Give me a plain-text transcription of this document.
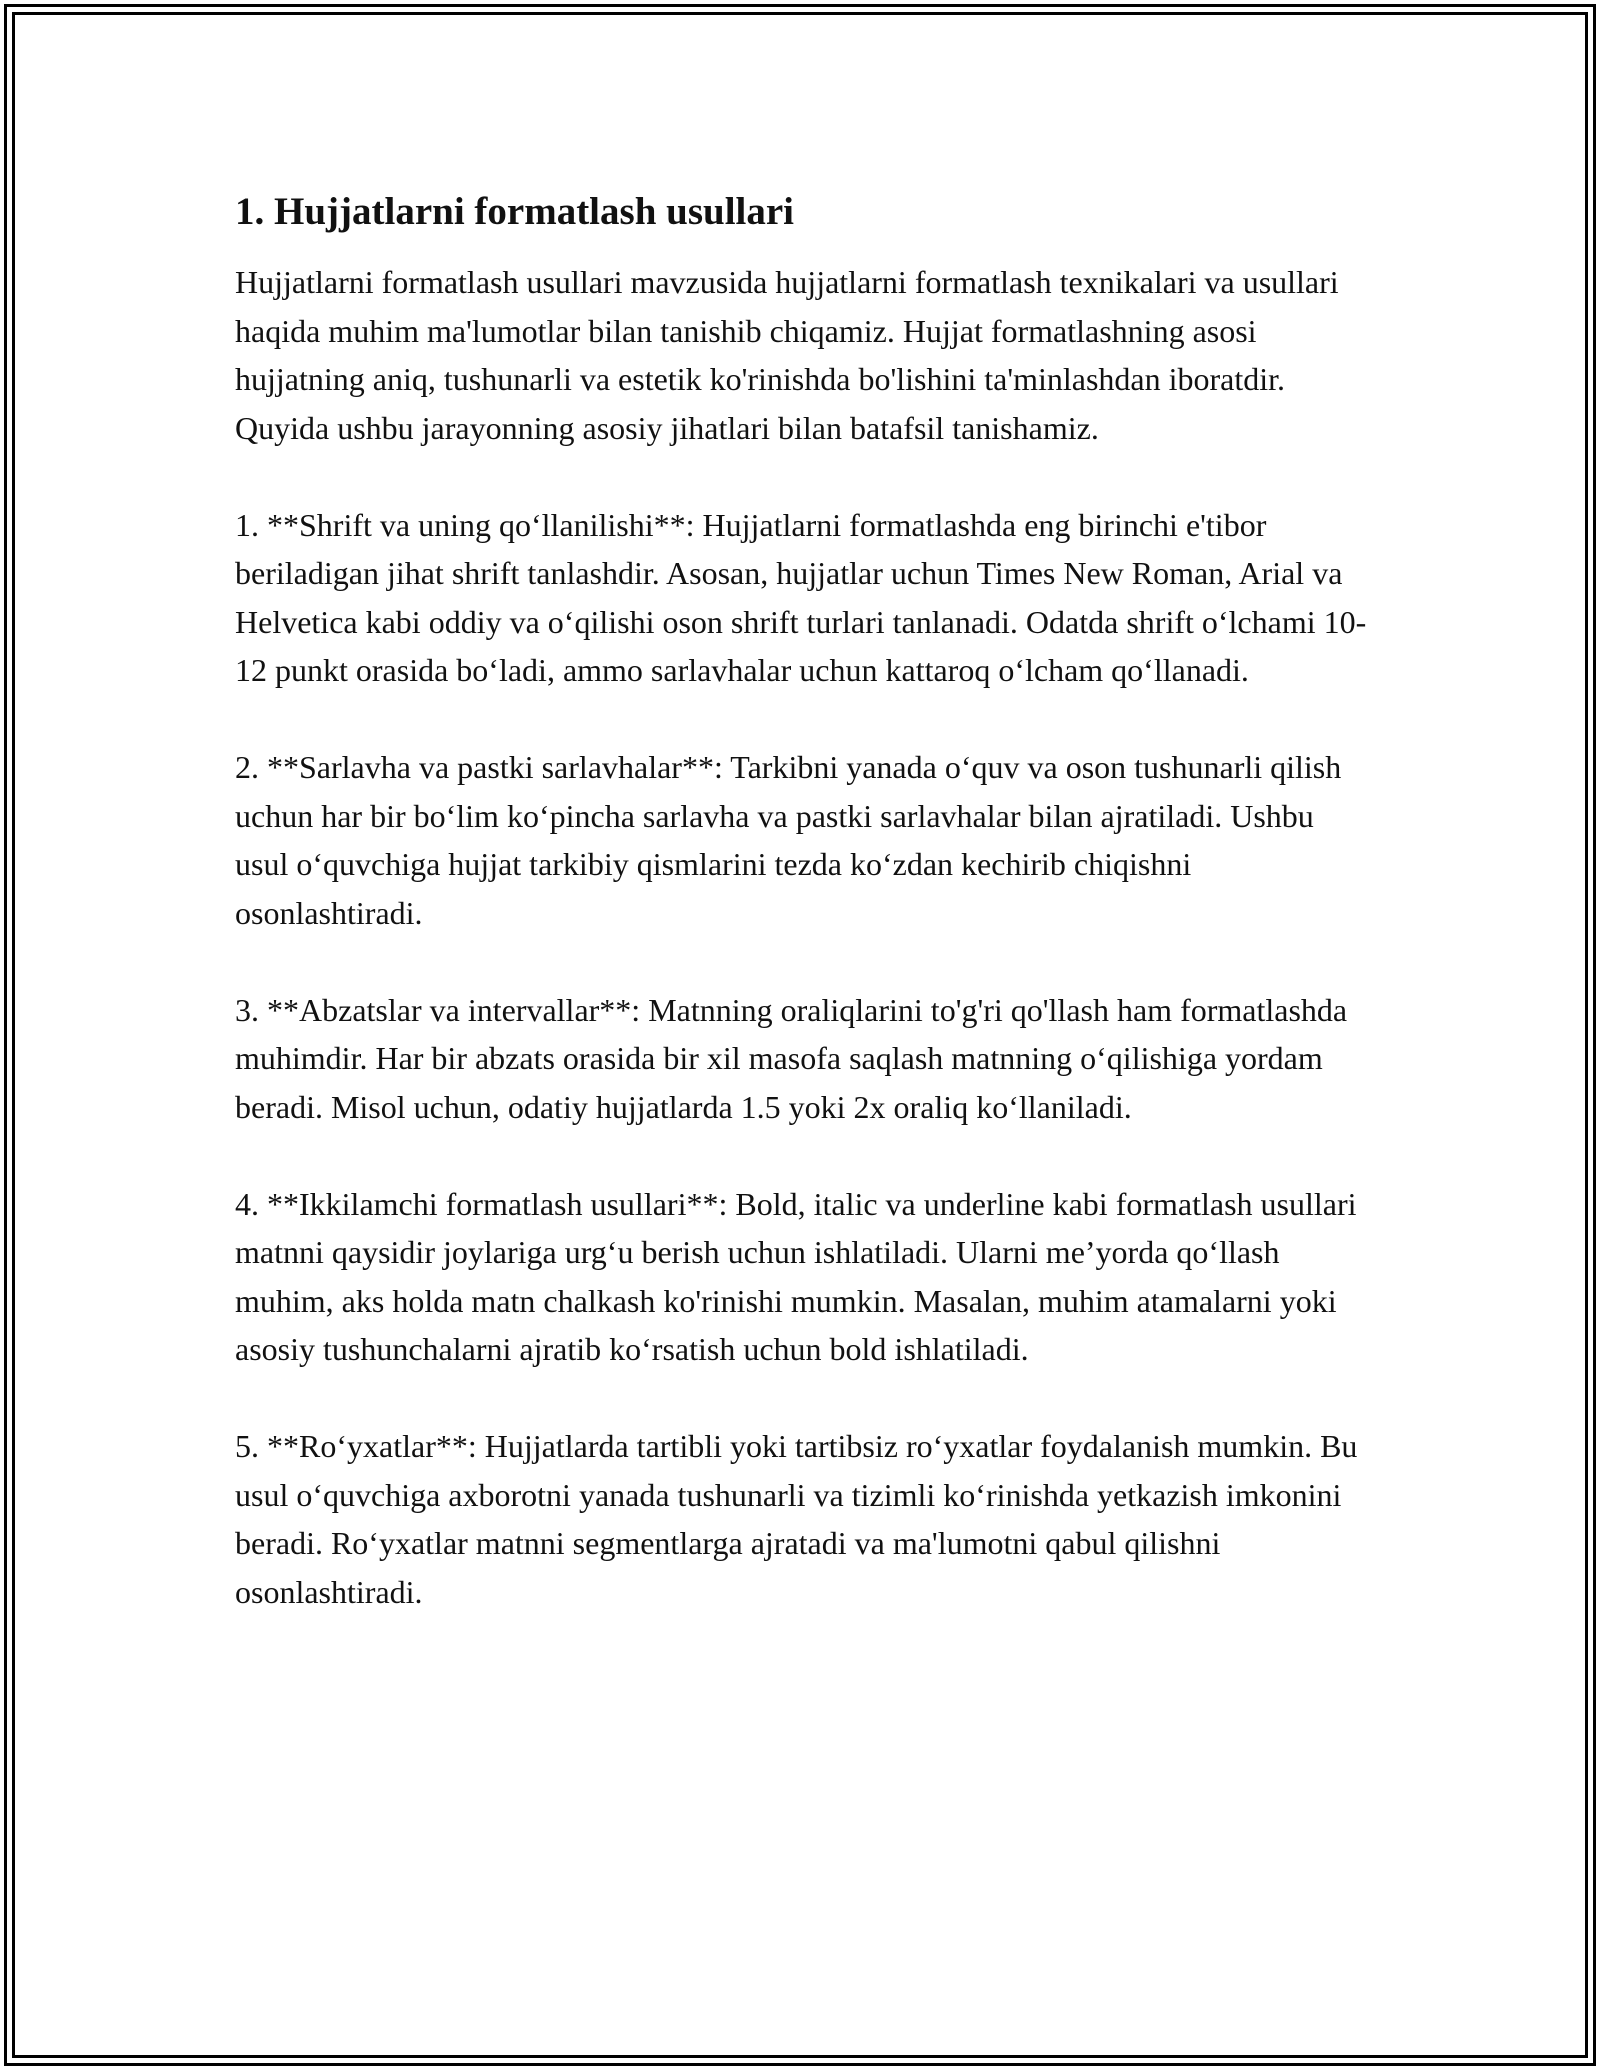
1. Hujjatlarni formatlash usullari

Hujjatlarni formatlash usullari mavzusida hujjatlarni formatlash texnikalari va usullari haqida muhim ma'lumotlar bilan tanishib chiqamiz. Hujjat formatlashning asosi hujjatning aniq, tushunarli va estetik ko'rinishda bo'lishini ta'minlashdan iboratdir. Quyida ushbu jarayonning asosiy jihatlari bilan batafsil tanishamiz.

1. **Shrift va uning qo‘llanilishi**: Hujjatlarni formatlashda eng birinchi e'tibor beriladigan jihat shrift tanlashdir. Asosan, hujjatlar uchun Times New Roman, Arial va Helvetica kabi oddiy va o‘qilishi oson shrift turlari tanlanadi. Odatda shrift o‘lchami 10-12 punkt orasida bo‘ladi, ammo sarlavhalar uchun kattaroq o‘lcham qo‘llanadi.

2. **Sarlavha va pastki sarlavhalar**: Tarkibni yanada o‘quv va oson tushunarli qilish uchun har bir bo‘lim ko‘pincha sarlavha va pastki sarlavhalar bilan ajratiladi. Ushbu usul o‘quvchiga hujjat tarkibiy qismlarini tezda ko‘zdan kechirib chiqishni osonlashtiradi.

3. **Abzatslar va intervallar**: Matnning oraliqlarini to'g'ri qo'llash ham formatlashda muhimdir. Har bir abzats orasida bir xil masofa saqlash matnning o‘qilishiga yordam beradi. Misol uchun, odatiy hujjatlarda 1.5 yoki 2x oraliq ko‘llaniladi.

4. **Ikkilamchi formatlash usullari**: Bold, italic va underline kabi formatlash usullari matnni qaysidir joylariga urg‘u berish uchun ishlatiladi. Ularni me’yorda qo‘llash muhim, aks holda matn chalkash ko'rinishi mumkin. Masalan, muhim atamalarni yoki asosiy tushunchalarni ajratib ko‘rsatish uchun bold ishlatiladi.

5. **Ro‘yxatlar**: Hujjatlarda tartibli yoki tartibsiz ro‘yxatlar foydalanish mumkin. Bu usul o‘quvchiga axborotni yanada tushunarli va tizimli ko‘rinishda yetkazish imkonini beradi. Ro‘yxatlar matnni segmentlarga ajratadi va ma'lumotni qabul qilishni osonlashtiradi.
